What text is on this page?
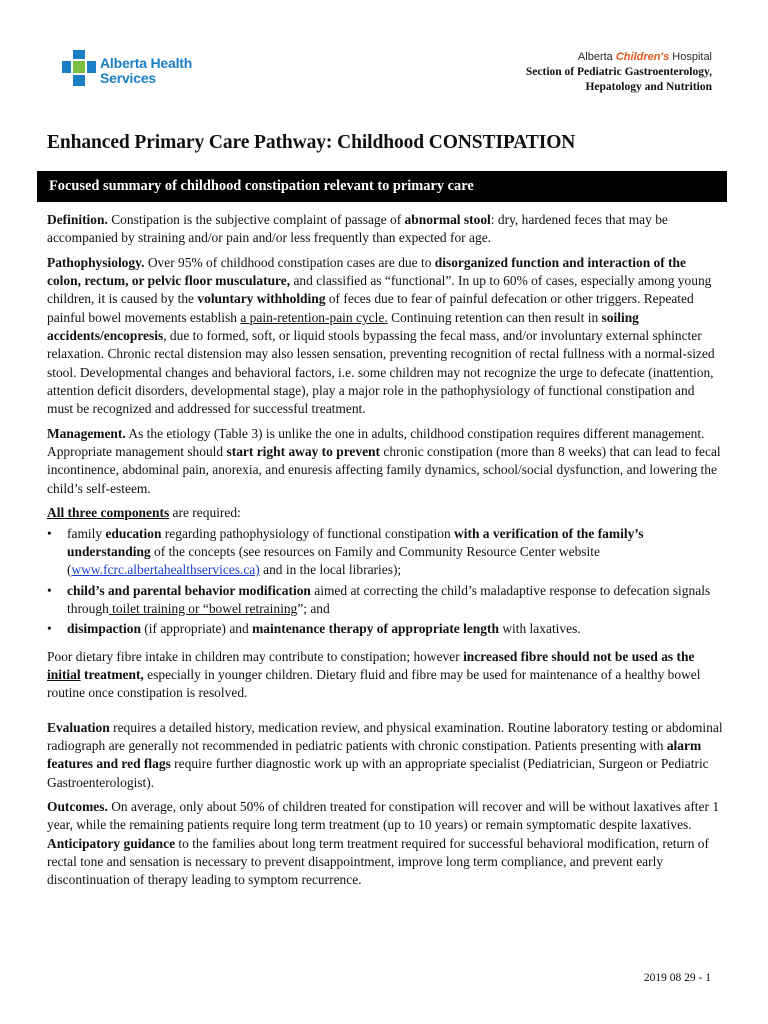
Alberta Health
Services
Alberta Children's Hospital
Section of Pediatric Gastroenterology,
Hepatology and Nutrition
Enhanced Primary Care Pathway: Childhood CONSTIPATION
Focused summary of childhood constipation relevant to primary care

Definition. Constipation is the subjective complaint of passage of abnormal stool: dry, hardened feces that may be accompanied by straining and/or pain and/or less frequently than expected for age.

Pathophysiology. Over 95% of childhood constipation cases are due to disorganized function and interaction of the colon, rectum, or pelvic floor musculature, and classified as “functional”. In up to 60% of cases, especially among young children, it is caused by the voluntary withholding of feces due to fear of painful defecation or other triggers. Repeated painful bowel movements establish a pain-retention-pain cycle. Continuing retention can then result in soiling accidents/encopresis, due to formed, soft, or liquid stools bypassing the fecal mass, and/or involuntary external sphincter relaxation. Chronic rectal distension may also lessen sensation, preventing recognition of rectal fullness with a normal-sized stool. Developmental changes and behavioral factors, i.e. some children may not recognize the urge to defecate (inattention, attention deficit disorders, developmental stage), play a major role in the pathophysiology of functional constipation and must be recognized and addressed for successful treatment.

Management. As the etiology (Table 3) is unlike the one in adults, childhood constipation requires different management. Appropriate management should start right away to prevent chronic constipation (more than 8 weeks) that can lead to fecal incontinence, abdominal pain, anorexia, and enuresis affecting family dynamics, school/social dysfunction, and lowering the child’s self-esteem.

All three components are required:

• family education regarding pathophysiology of functional constipation with a verification of the family’s understanding of the concepts (see resources on Family and Community Resource Center website (www.fcrc.albertahealthservices.ca) and in the local libraries);
• child’s and parental behavior modification aimed at correcting the child’s maladaptive response to defecation signals through toilet training or “bowel retraining”; and
• disimpaction (if appropriate) and maintenance therapy of appropriate length with laxatives.

Poor dietary fibre intake in children may contribute to constipation; however increased fibre should not be used as the initial treatment, especially in younger children. Dietary fluid and fibre may be used for maintenance of a healthy bowel routine once constipation is resolved.

Evaluation requires a detailed history, medication review, and physical examination. Routine laboratory testing or abdominal radiograph are generally not recommended in pediatric patients with chronic constipation. Patients presenting with alarm features and red flags require further diagnostic work up with an appropriate specialist (Pediatrician, Surgeon or Pediatric Gastroenterologist).

Outcomes. On average, only about 50% of children treated for constipation will recover and will be without laxatives after 1 year, while the remaining patients require long term treatment (up to 10 years) or remain symptomatic despite laxatives. Anticipatory guidance to the families about long term treatment required for successful behavioral modification, return of rectal tone and sensation is necessary to prevent disappointment, improve long term compliance, and prevent early discontinuation of therapy leading to symptom recurrence.

2019 08 29 - 1
